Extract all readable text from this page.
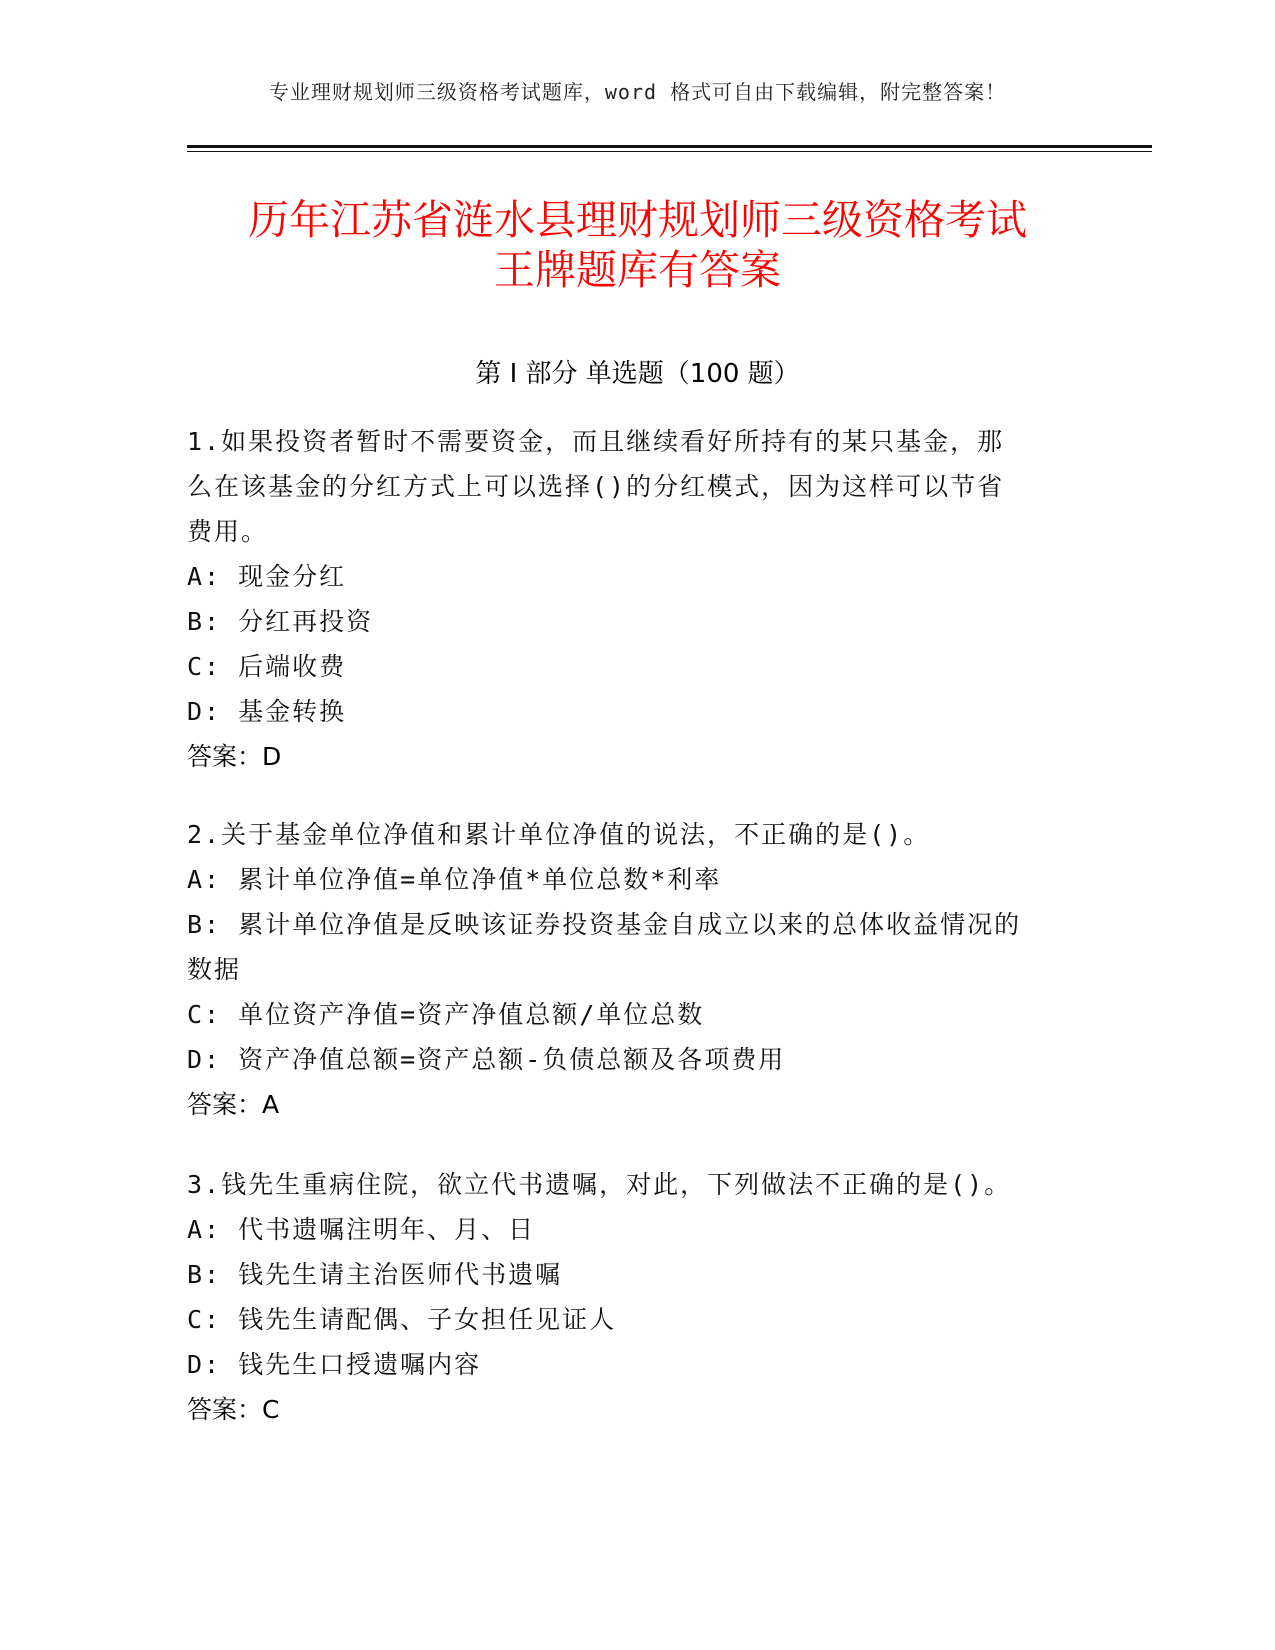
专业理财规划师三级资格考试题库，word 格式可自由下载编辑，附完整答案！
历年江苏省涟水县理财规划师三级资格考试
王牌题库有答案
第 I 部分 单选题（100 题）

1.如果投资者暂时不需要资金，而且继续看好所持有的某只基金，那

么在该基金的分红方式上可以选择()的分红模式，因为这样可以节省

费用。

A: 现金分红

B: 分红再投资

C: 后端收费

D: 基金转换

答案：D

2.关于基金单位净值和累计单位净值的说法，不正确的是()。

A: 累计单位净值=单位净值*单位总数*利率

B: 累计单位净值是反映该证券投资基金自成立以来的总体收益情况的

数据

C: 单位资产净值=资产净值总额/单位总数

D: 资产净值总额=资产总额-负债总额及各项费用

答案：A

3.钱先生重病住院，欲立代书遗嘱，对此，下列做法不正确的是()。

A: 代书遗嘱注明年、月、日

B: 钱先生请主治医师代书遗嘱

C: 钱先生请配偶、子女担任见证人

D: 钱先生口授遗嘱内容

答案：C
